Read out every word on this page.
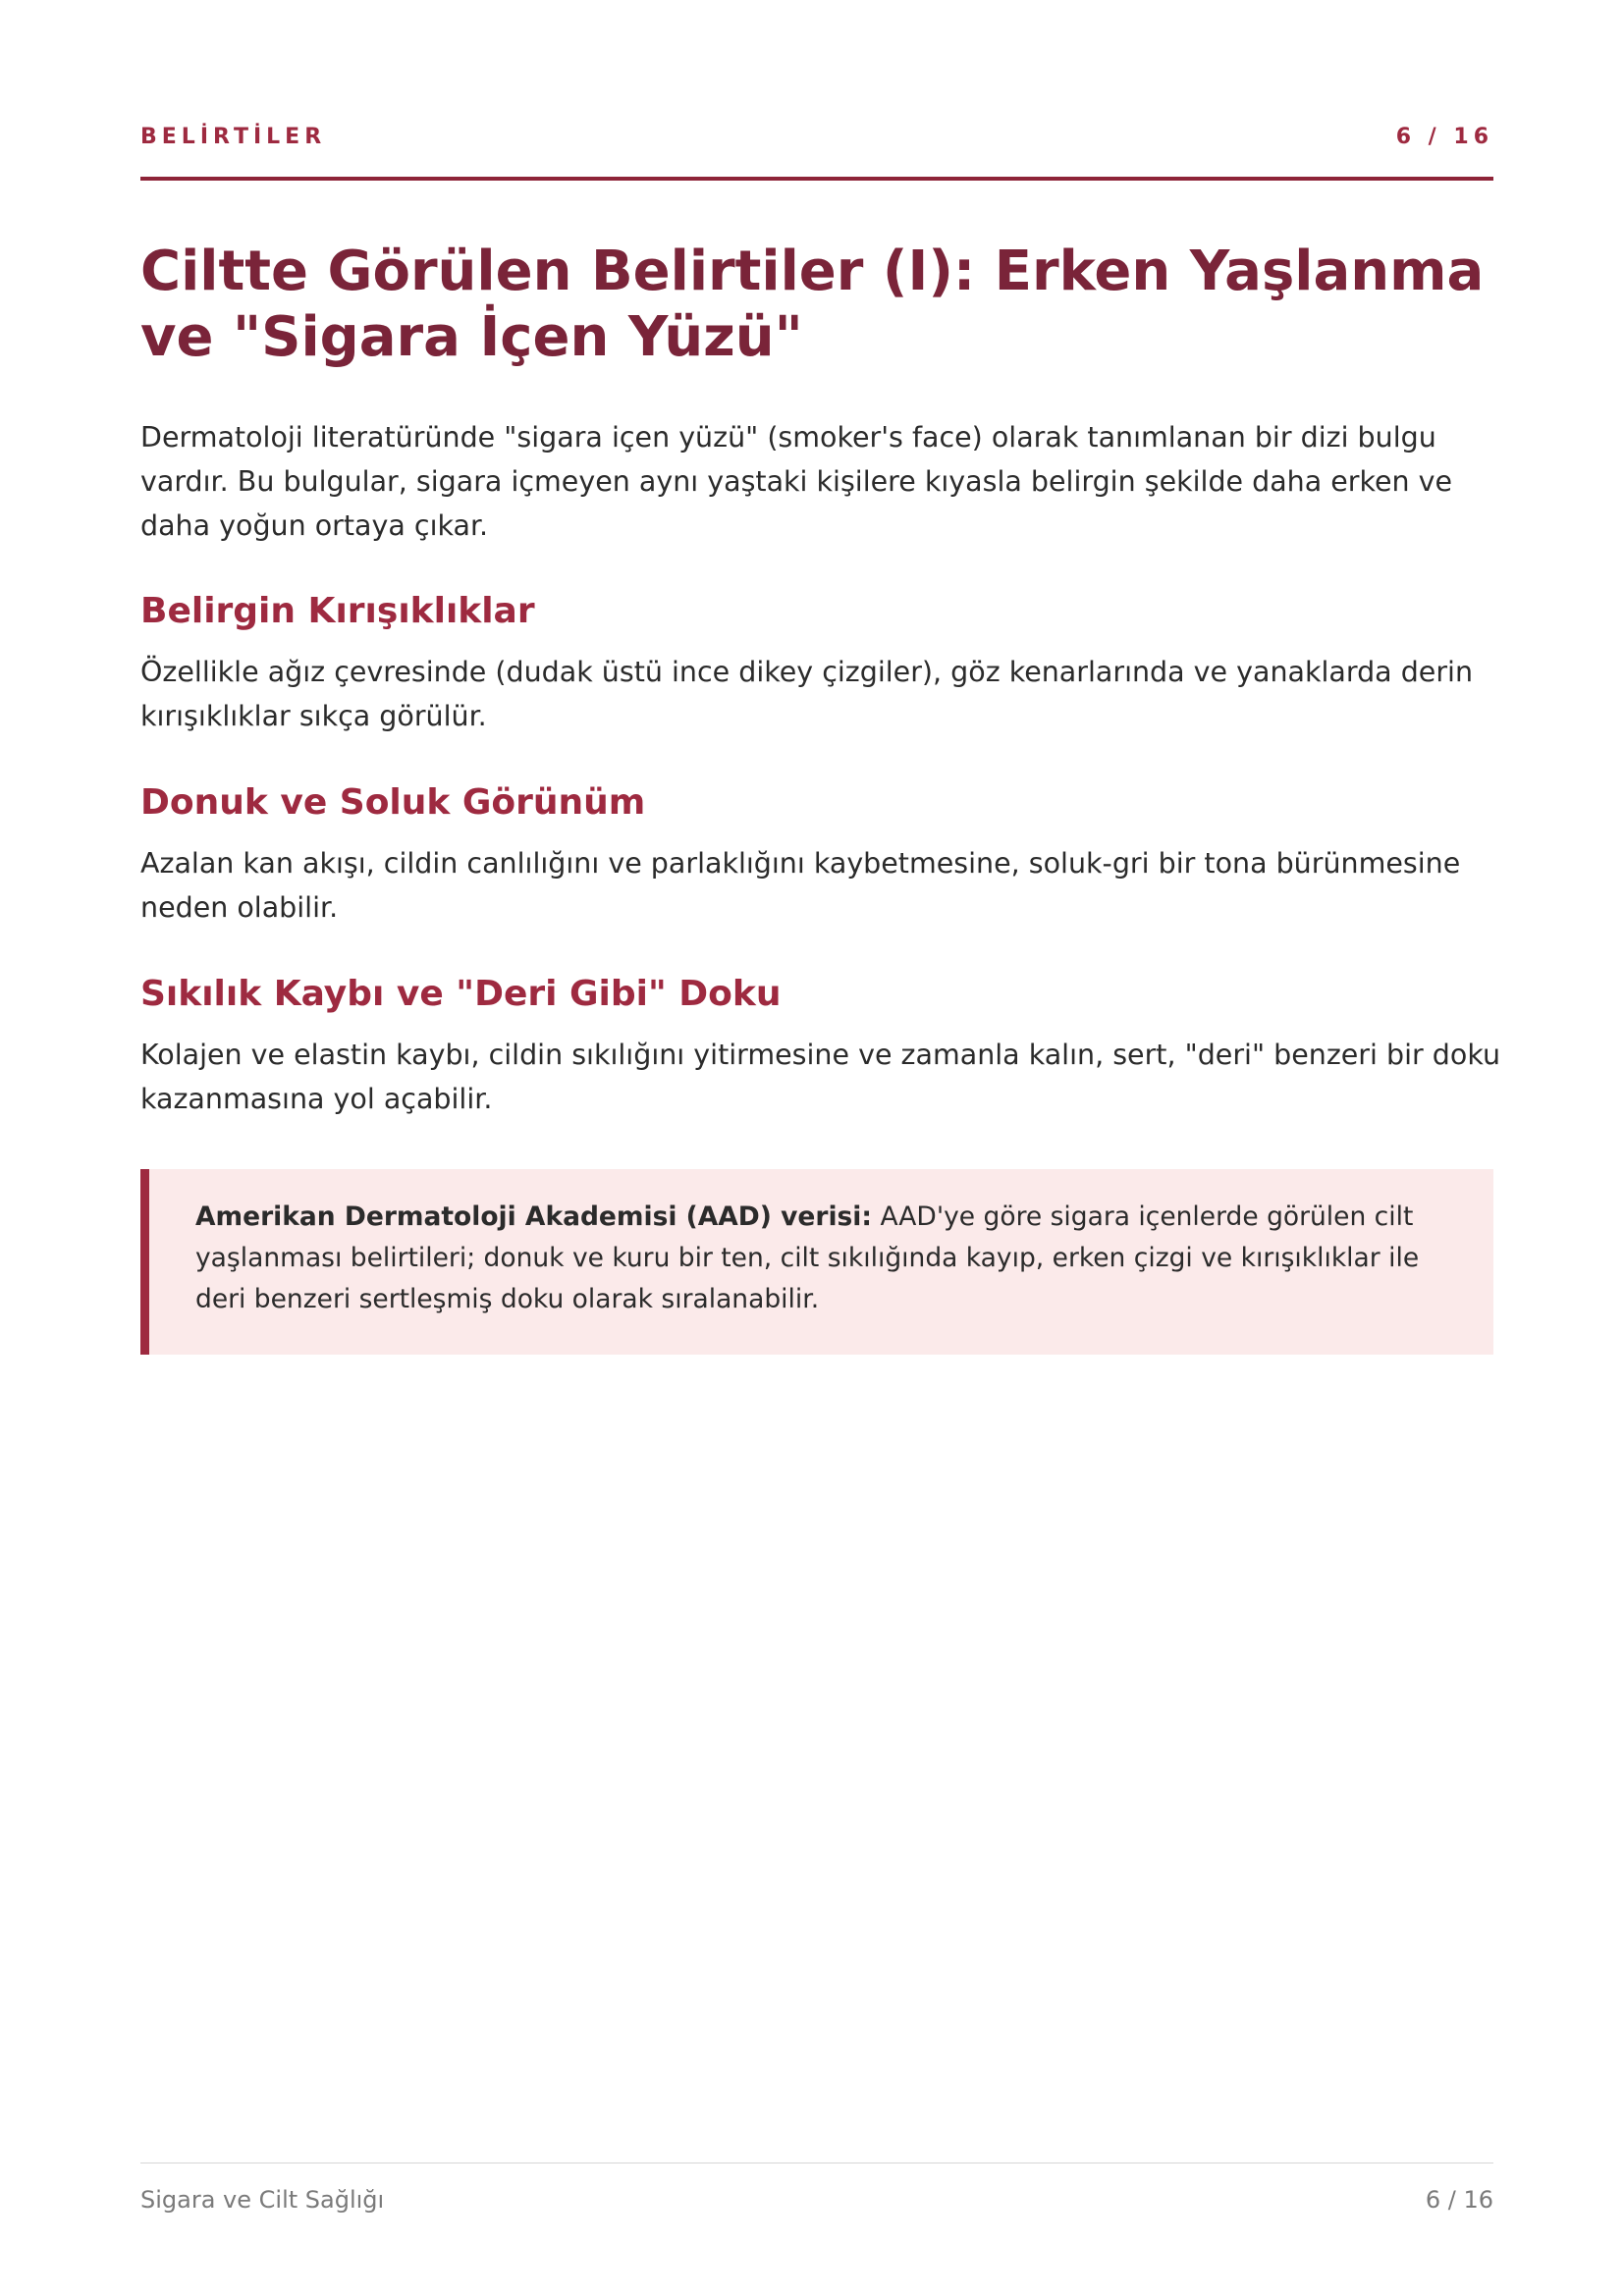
BELİRTİLER	6 / 16
Ciltte Görülen Belirtiler (I): Erken Yaşlanma ve "Sigara İçen Yüzü"

Dermatoloji literatüründe "sigara içen yüzü" (smoker's face) olarak tanımlanan bir dizi bulgu vardır. Bu bulgular, sigara içmeyen aynı yaştaki kişilere kıyasla belirgin şekilde daha erken ve daha yoğun ortaya çıkar.

Belirgin Kırışıklıklar

Özellikle ağız çevresinde (dudak üstü ince dikey çizgiler), göz kenarlarında ve yanaklarda derin kırışıklıklar sıkça görülür.

Donuk ve Soluk Görünüm

Azalan kan akışı, cildin canlılığını ve parlaklığını kaybetmesine, soluk-gri bir tona bürünmesine neden olabilir.

Sıkılık Kaybı ve "Deri Gibi" Doku

Kolajen ve elastin kaybı, cildin sıkılığını yitirmesine ve zamanla kalın, sert, "deri" benzeri bir doku kazanmasına yol açabilir.

Amerikan Dermatoloji Akademisi (AAD) verisi: AAD'ye göre sigara içenlerde görülen cilt yaşlanması belirtileri; donuk ve kuru bir ten, cilt sıkılığında kayıp, erken çizgi ve kırışıklıklar ile deri benzeri sertleşmiş doku olarak sıralanabilir.
Sigara ve Cilt Sağlığı	6 / 16
